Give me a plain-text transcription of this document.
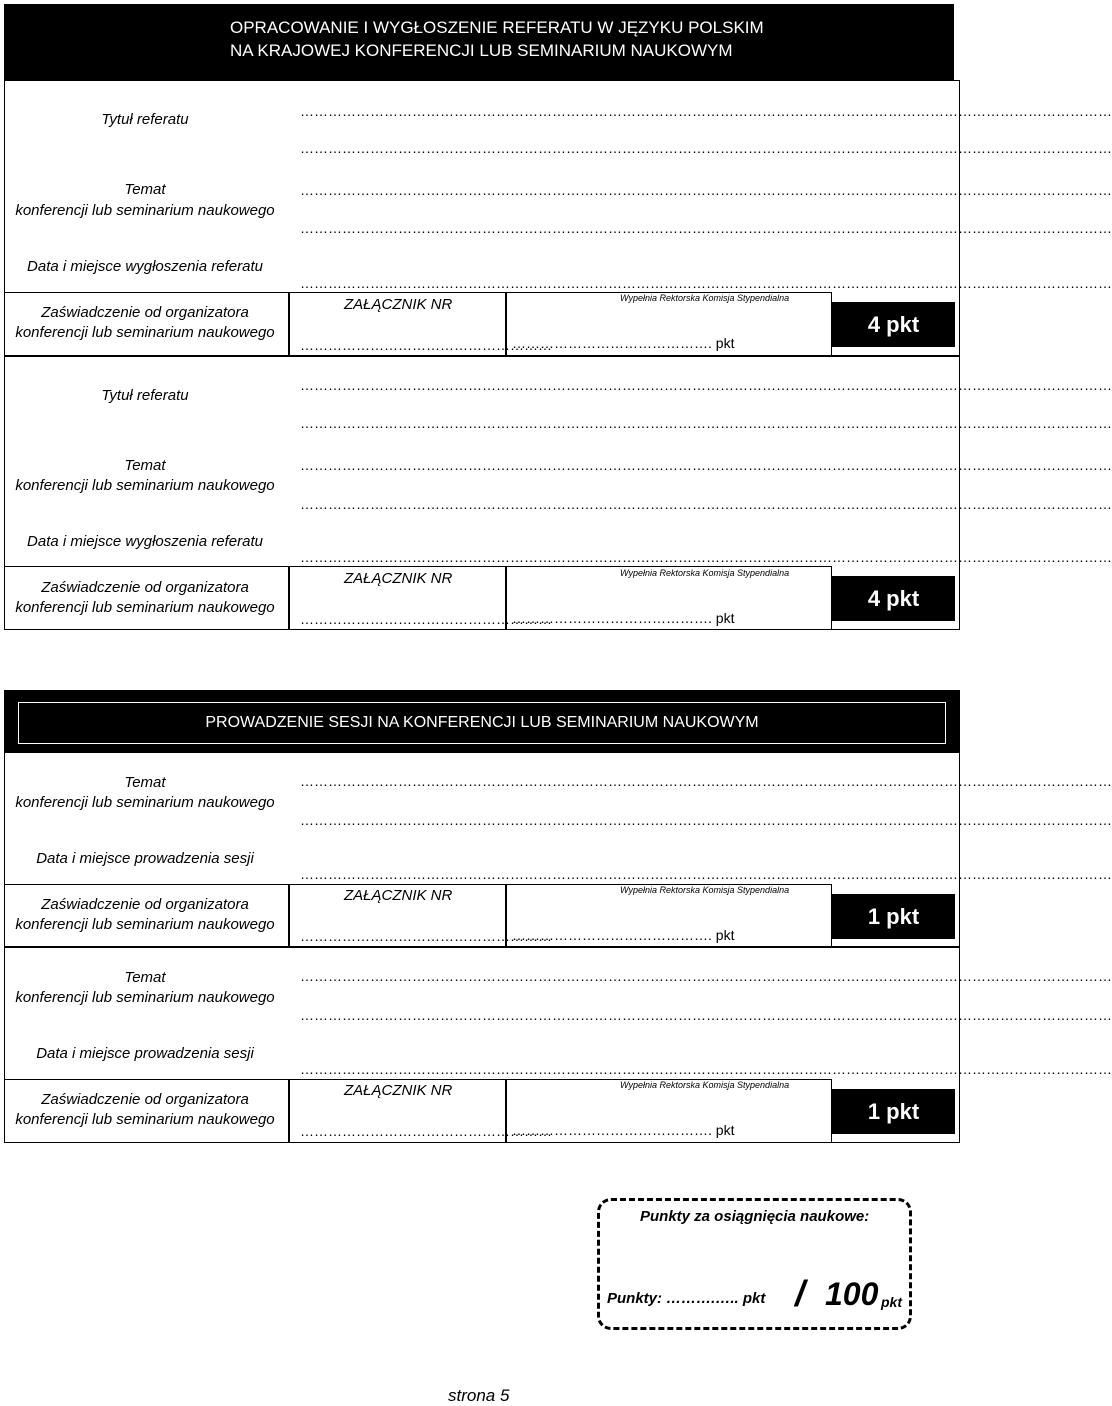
OPRACOWANIE I WYGŁOSZENIE REFERATU W JĘZYKU POLSKIM
NA KRAJOWEJ KONFERENCJI LUB SEMINARIUM NAUKOWYM
Tytuł referatu	…………………………………………………………………………………………………………………………………………………………
…………………………………………………………………………………………………………………………………………………………
Temat
konferencji lub seminarium naukowego
…………………………………………………………………………………………………………………………………………………………
…………………………………………………………………………………………………………………………………………………………
Data i miejsce wygłoszenia referatu
…………………………………………………………………………………………………………………………………………………………
Zaświadczenie od organizatora
konferencji lub seminarium naukowego
ZAŁĄCZNIK NR
………………………………………………
Wypełnia Rektorska Komisja Stypendialna
……………………………………. pkt
4 pkt
Tytuł referatu
…………………………………………………………………………………………………………………………………………………………
…………………………………………………………………………………………………………………………………………………………
Temat
konferencji lub seminarium naukowego
…………………………………………………………………………………………………………………………………………………………
…………………………………………………………………………………………………………………………………………………………
Data i miejsce wygłoszenia referatu
…………………………………………………………………………………………………………………………………………………………
Zaświadczenie od organizatora
konferencji lub seminarium naukowego
ZAŁĄCZNIK NR
………………………………………………
Wypełnia Rektorska Komisja Stypendialna
……………………………………. pkt
4 pkt
PROWADZENIE SESJI NA KONFERENCJI LUB SEMINARIUM NAUKOWYM
Temat
konferencji lub seminarium naukowego
…………………………………………………………………………………………………………………………………………………………
…………………………………………………………………………………………………………………………………………………………
Data i miejsce prowadzenia sesji
…………………………………………………………………………………………………………………………………………………………
Zaświadczenie od organizatora
konferencji lub seminarium naukowego
ZAŁĄCZNIK NR
………………………………………………
Wypełnia Rektorska Komisja Stypendialna
……………………………………. pkt
1 pkt
Temat
konferencji lub seminarium naukowego
…………………………………………………………………………………………………………………………………………………………
…………………………………………………………………………………………………………………………………………………………
Data i miejsce prowadzenia sesji
…………………………………………………………………………………………………………………………………………………………
Zaświadczenie od organizatora
konferencji lub seminarium naukowego
ZAŁĄCZNIK NR
………………………………………………
Wypełnia Rektorska Komisja Stypendialna
……………………………………. pkt
1 pkt
Punkty za osiągnięcia naukowe:
Punkty: ……….….. pkt / 100 pkt
strona 5
